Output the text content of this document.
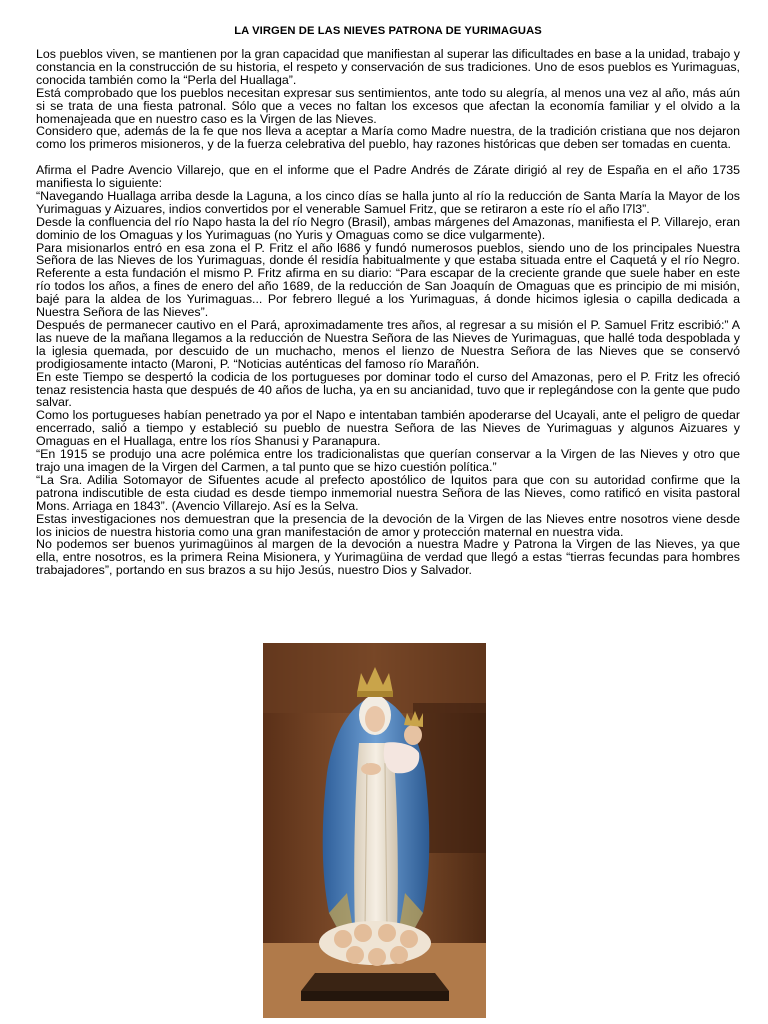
LA VIRGEN DE LAS NIEVES PATRONA DE YURIMAGUAS

Los pueblos viven, se mantienen por la gran capacidad que manifiestan al superar las dificultades en base a la unidad, trabajo y constancia en la construcción de su historia, el respeto y conservación de sus tradiciones. Uno de esos pueblos es Yurimaguas, conocida también como la “Perla del Huallaga”.

Está comprobado que los pueblos necesitan expresar sus sentimientos, ante todo su alegría, al menos una vez al año, más aún si se trata de una fiesta patronal. Sólo que a veces no faltan los excesos que afectan la economía familiar y el olvido a la homenajeada que en nuestro caso es la Virgen de las Nieves.

Considero que, además de la fe que nos lleva a aceptar a María como Madre nuestra, de la tradición cristiana que nos dejaron como los primeros misioneros, y de la fuerza celebrativa del pueblo, hay razones históricas que deben ser tomadas en cuenta.

Afirma el Padre Avencio Villarejo, que en el informe que el Padre Andrés de Zárate dirigió al rey de España en el año 1735 manifiesta lo siguiente:

“Navegando Huallaga arriba desde la Laguna, a los cinco días se halla junto al río la reducción de Santa María la Mayor de los Yurimaguas y Aizuares, indios convertidos por el venerable Samuel Fritz, que se retiraron a este río el año l7l3”.

Desde la confluencia del río Napo hasta la del río Negro (Brasil), ambas márgenes del Amazonas, manifiesta el P. Villarejo, eran dominio de los Omaguas y los Yurimaguas (no Yuris y Omaguas como se dice vulgarmente).

Para misionarlos entró en esa zona el P. Fritz el año l686 y fundó numerosos pueblos, siendo uno de los principales Nuestra Señora de las Nieves de los Yurimaguas, donde él residía habitualmente y que estaba situada entre el Caquetá y el río Negro. Referente a esta fundación el mismo P. Fritz afirma en su diario: “Para escapar de la creciente grande que suele haber en este río todos los años, a fines de enero del año 1689, de la reducción de San Joaquín de Omaguas que es principio de mi misión, bajé para la aldea de los Yurimaguas... Por febrero llegué a los Yurimaguas, á donde hicimos iglesia o capilla dedicada a Nuestra Señora de las Nieves”.

Después de permanecer cautivo en el Pará, aproximadamente tres años, al regresar a su misión el P. Samuel Fritz escribió:” A las nueve de la mañana llegamos a la reducción de Nuestra Señora de las Nieves de Yurimaguas, que hallé toda despoblada y la iglesia quemada, por descuido de un muchacho, menos el lienzo de Nuestra Señora de las Nieves que se conservó prodigiosamente intacto (Maroni, P. “Noticias auténticas del famoso río Marañón.

En este Tiempo se despertó la codicia de los portugueses por dominar todo el curso del Amazonas, pero el P. Fritz les ofreció tenaz resistencia hasta que después de 40 años de lucha, ya en su ancianidad, tuvo que ir replegándose con la gente que pudo salvar.

Como los portugueses habían penetrado ya por el Napo e intentaban también apoderarse del Ucayali, ante el peligro de quedar encerrado, salió a tiempo y estableció su pueblo de nuestra Señora de las Nieves de Yurimaguas y algunos Aizuares y Omaguas en el Huallaga, entre los ríos Shanusi y Paranapura.

“En 1915 se produjo una acre polémica entre los tradicionalistas que querían conservar a la Virgen de las Nieves y otro que trajo una imagen de la Virgen del Carmen, a tal punto que se hizo cuestión política.”

“La Sra. Adilia Sotomayor de Sifuentes acude al prefecto apostólico de Iquitos para que con su autoridad confirme que la patrona indiscutible de esta ciudad es desde tiempo inmemorial nuestra Señora de las Nieves, como ratificó en visita pastoral Mons. Arriaga en 1843”. (Avencio Villarejo. Así es la Selva.

Estas investigaciones nos demuestran que la presencia de la devoción de la Virgen de las Nieves entre nosotros viene desde los inicios de nuestra historia como una gran manifestación de amor y protección maternal en nuestra vida.

No podemos ser buenos yurimagüinos al margen de la devoción a nuestra Madre y Patrona la Virgen de las Nieves, ya que ella, entre nosotros, es la primera Reina Misionera, y Yurimagüina de verdad que llegó a estas “tierras fecundas para hombres trabajadores”, portando en sus brazos a su hijo Jesús, nuestro Dios y Salvador.
